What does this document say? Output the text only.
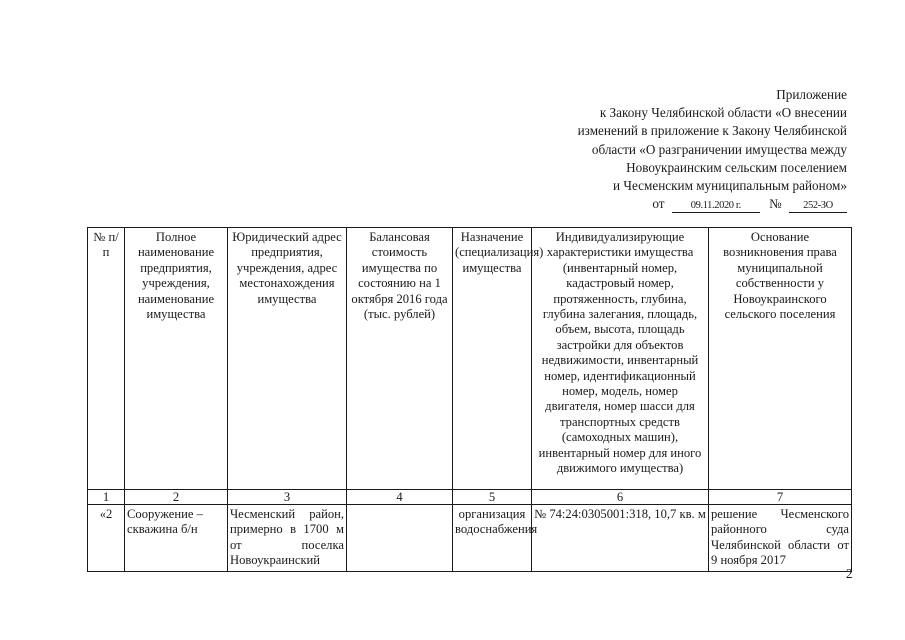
Приложение
к Закону Челябинской области «О внесении
изменений в приложение к Закону Челябинской
области «О разграничении имущества между
Новоукраинским сельским поселением
и Чесменским муниципальным районом»
от	09.11.2020 г. № 252-ЗО
№ п/п	Полное наименование предприятия, учреждения, наименование имущества	Юридический адрес предприятия, учреждения, адрес местонахождения имущества	Балансовая стоимость имущества по состоянию на 1 октября 2016 года (тыс. рублей)	Назначение (специализация) имущества	Индивидуализирующие характеристики имущества (инвентарный номер, кадастровый номер, протяженность, глубина, глубина залегания, площадь, объем, высота, площадь застройки для объектов недвижимости, инвентарный номер, идентификационный номер, модель, номер двигателя, номер шасси для транспортных средств (самоходных машин), инвентарный номер для иного движимого имущества)	Основание возникновения права муниципальной собственности у Новоукраинского сельского поселения
1	2	3	4	5	6	7
«2	Сооружение – скважина б/н	Чесменский район, примерно в 1700 м от поселка Новоукраинский		организация водоснабжения	№ 74:24:0305001:318, 10,7 кв. м	решение Чесменского районного суда Челябинской области от 9 ноября 2017
2
